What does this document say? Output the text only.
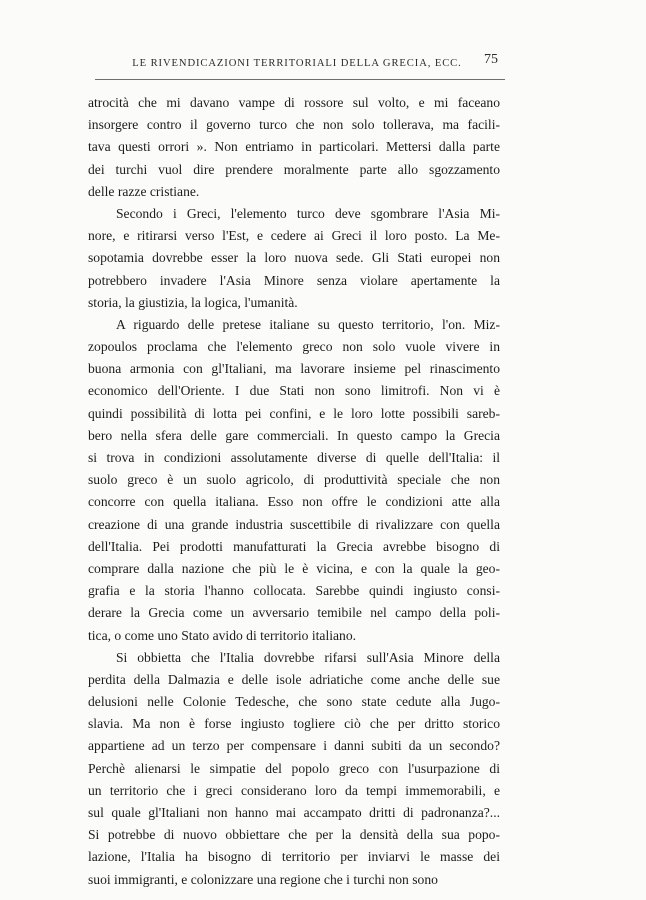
LE RIVENDICAZIONI TERRITORIALI DELLA GRECIA, ECC.	75
atrocità che mi davano vampe di rossore sul volto, e mi faceano
insorgere contro il governo turco che non solo tollerava, ma facili-
tava questi orrori ». Non entriamo in particolari. Mettersi dalla parte
dei turchi vuol dire prendere moralmente parte allo sgozzamento
delle razze cristiane.
Secondo i Greci, l'elemento turco deve sgombrare l'Asia Mi-
nore, e ritirarsi verso l'Est, e cedere ai Greci il loro posto. La Me-
sopotamia dovrebbe esser la loro nuova sede. Gli Stati europei non
potrebbero invadere l'Asia Minore senza violare apertamente la
storia, la giustizia, la logica, l'umanità.
A riguardo delle pretese italiane su questo territorio, l'on. Miz-
zopoulos proclama che l'elemento greco non solo vuole vivere in
buona armonia con gl'Italiani, ma lavorare insieme pel rinascimento
economico dell'Oriente. I due Stati non sono limitrofi. Non vi è
quindi possibilità di lotta pei confini, e le loro lotte possibili sareb-
bero nella sfera delle gare commerciali. In questo campo la Grecia
si trova in condizioni assolutamente diverse di quelle dell'Italia: il
suolo greco è un suolo agricolo, di produttività speciale che non
concorre con quella italiana. Esso non offre le condizioni atte alla
creazione di una grande industria suscettibile di rivalizzare con quella
dell'Italia. Pei prodotti manufatturati la Grecia avrebbe bisogno di
comprare dalla nazione che più le è vicina, e con la quale la geo-
grafia e la storia l'hanno collocata. Sarebbe quindi ingiusto consi-
derare la Grecia come un avversario temibile nel campo della poli-
tica, o come uno Stato avido di territorio italiano.
Si obbietta che l'Italia dovrebbe rifarsi sull'Asia Minore della
perdita della Dalmazia e delle isole adriatiche come anche delle sue
delusioni nelle Colonie Tedesche, che sono state cedute alla Jugo-
slavia. Ma non è forse ingiusto togliere ciò che per dritto storico
appartiene ad un terzo per compensare i danni subiti da un secondo?
Perchè alienarsi le simpatie del popolo greco con l'usurpazione di
un territorio che i greci considerano loro da tempi immemorabili, e
sul quale gl'Italiani non hanno mai accampato dritti di padronanza?...
Si potrebbe di nuovo obbiettare che per la densità della sua popo-
lazione, l'Italia ha bisogno di territorio per inviarvi le masse dei
suoi immigranti, e colonizzare una regione che i turchi non sono
